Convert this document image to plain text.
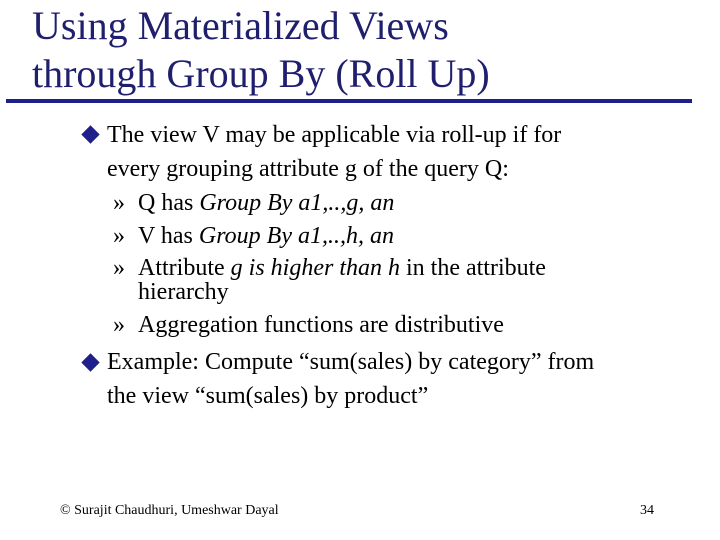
Using Materialized Views
through Group By (Roll Up)
The view V may be applicable via roll-up if for
every grouping attribute g of the query Q:
» Q has Group By a1,..,g, an
» V has Group By a1,..,h, an
» Attribute g is higher than h in the attribute
hierarchy
» Aggregation functions are distributive
Example: Compute “sum(sales) by category” from
the view “sum(sales) by product”
© Surajit Chaudhuri, Umeshwar Dayal	34
